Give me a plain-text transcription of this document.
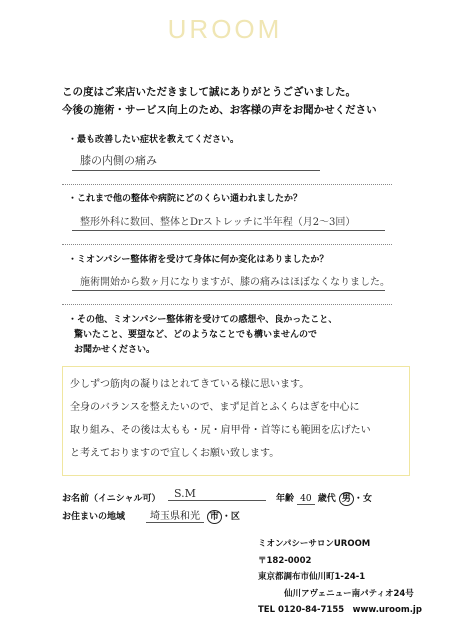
UROOM
この度はご来店いただきまして誠にありがとうございました。
今後の施術・サービス向上のため、お客様の声をお聞かせください
・最も改善したい症状を教えてください。
膝の内側の痛み
・これまで他の整体や病院にどのくらい通われましたか？
整形外科に数回、整体とDrストレッチに半年程（月2〜3回）
・ミオンパシー整体術を受けて身体に何か変化はありましたか？
施術開始から数ヶ月になりますが、膝の痛みはほぼなくなりました。
・その他、ミオンパシー整体術を受けての感想や、良かったこと、
驚いたこと、要望など、どのようなことでも構いませんので
お聞かせください。
少しずつ筋肉の凝りはとれてきている様に思います。
全身のバランスを整えたいので、まず足首とふくらはぎを中心に
取り組み、その後は太もも・尻・肩甲骨・首等にも範囲を広げたい
と考えておりますので宜しくお願い致します。
お名前（イニシャル可）	S.M	年齢 40 歳代 男 ・女
お住まいの地域	埼玉県和光 市 ・区
ミオンパシーサロンUROOM
〒182-0002
東京都調布市仙川町1-24-1
仙川アヴェニュー南パティオ24号
TEL 0120-84-7155　www.uroom.jp
